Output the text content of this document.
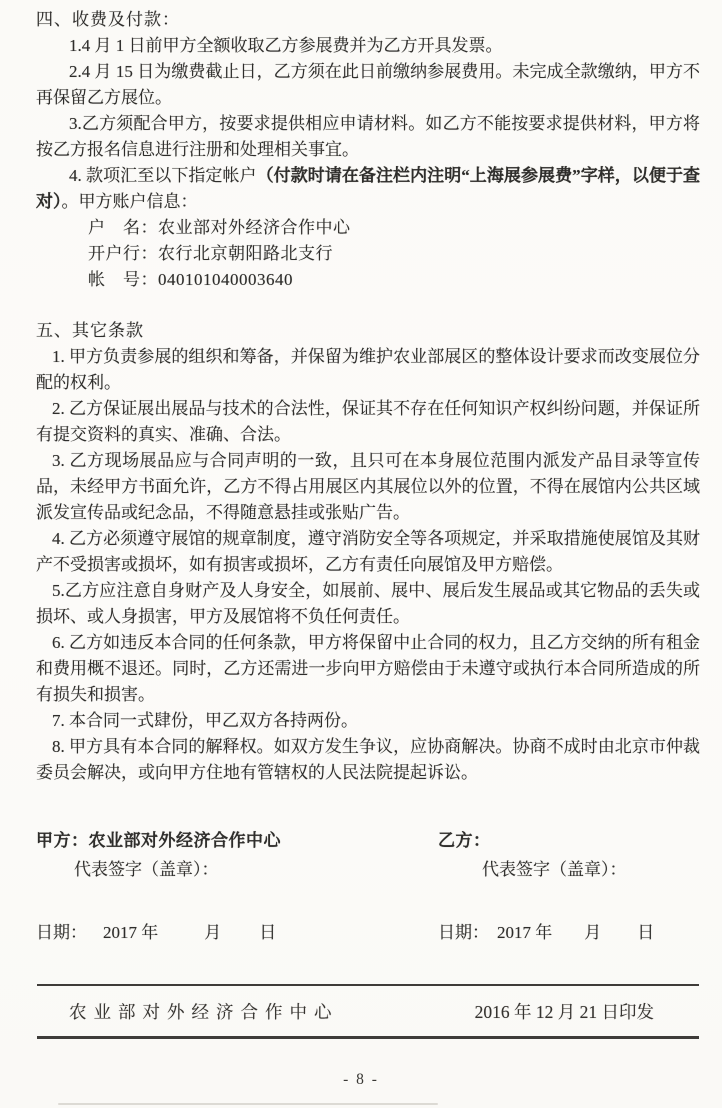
四、收费及付款：

1.4 月 1 日前甲方全额收取乙方参展费并为乙方开具发票。

2.4 月 15 日为缴费截止日，乙方须在此日前缴纳参展费用。未完成全款缴纳，甲方不再保留乙方展位。

3.乙方须配合甲方，按要求提供相应申请材料。如乙方不能按要求提供材料，甲方将按乙方报名信息进行注册和处理相关事宜。

4. 款项汇至以下指定帐户（付款时请在备注栏内注明“上海展参展费”字样，以便于查对）。甲方账户信息：

户　名：农业部对外经济合作中心

开户行：农行北京朝阳路北支行

帐　号：040101040003640

五、其它条款

1. 甲方负责参展的组织和筹备，并保留为维护农业部展区的整体设计要求而改变展位分配的权利。

2. 乙方保证展出展品与技术的合法性，保证其不存在任何知识产权纠纷问题，并保证所有提交资料的真实、准确、合法。

3. 乙方现场展品应与合同声明的一致，且只可在本身展位范围内派发产品目录等宣传品，未经甲方书面允许，乙方不得占用展区内其展位以外的位置，不得在展馆内公共区域派发宣传品或纪念品，不得随意悬挂或张贴广告。

4. 乙方必须遵守展馆的规章制度，遵守消防安全等各项规定，并采取措施使展馆及其财产不受损害或损坏，如有损害或损坏，乙方有责任向展馆及甲方赔偿。

5.乙方应注意自身财产及人身安全，如展前、展中、展后发生展品或其它物品的丢失或损坏、或人身损害，甲方及展馆将不负任何责任。

6. 乙方如违反本合同的任何条款，甲方将保留中止合同的权力，且乙方交纳的所有租金和费用概不退还。同时，乙方还需进一步向甲方赔偿由于未遵守或执行本合同所造成的所有损失和损害。

7. 本合同一式肆份，甲乙双方各持两份。

8. 甲方具有本合同的解释权。如双方发生争议，应协商解决。协商不成时由北京市仲裁委员会解决，或向甲方住地有管辖权的人民法院提起诉讼。

甲方：农业部对外经济合作中心

代表签字（盖章）：

日期： 2017 年	月 日

乙方：

代表签字（盖章）：

日期： 2017 年 月 日

农业部对外经济合作中心	2016 年 12 月 21 日印发
- 8 -
